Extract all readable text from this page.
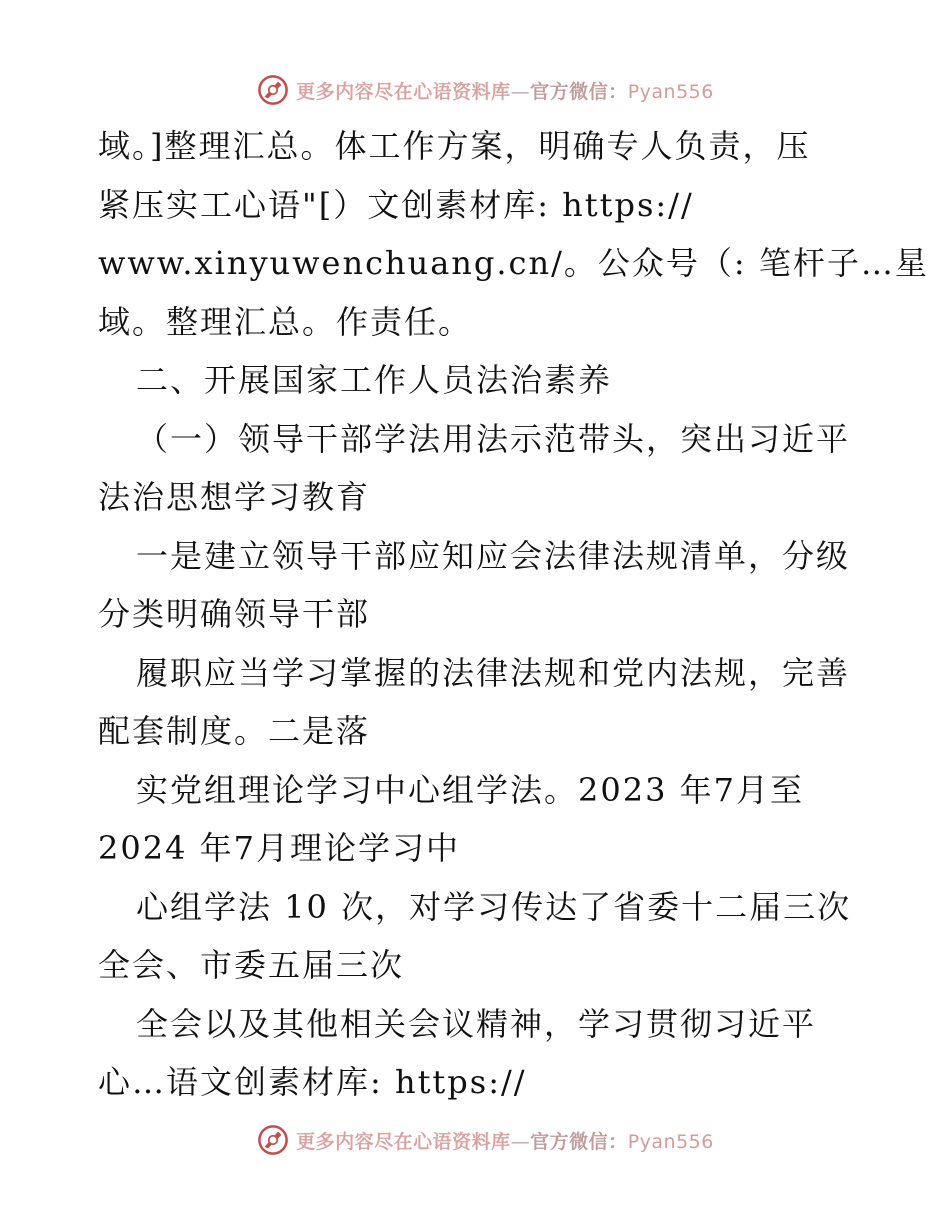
更多内容尽在心语资料库—官方微信：Pyan556
域。]整理汇总。体工作方案，明确专人负责，压
紧压实工心语"[）文创素材库: https://
www.xinyuwenchuang.cn/。公众号（: 笔杆子…星
域。整理汇总。作责任。
二、开展国家工作人员法治素养
（一）领导干部学法用法示范带头，突出习近平
法治思想学习教育
一是建立领导干部应知应会法律法规清单，分级
分类明确领导干部
履职应当学习掌握的法律法规和党内法规，完善
配套制度。二是落
实党组理论学习中心组学法。2023 年7月至
2024 年7月理论学习中
心组学法 10 次，对学习传达了省委十二届三次
全会、市委五届三次
全会以及其他相关会议精神，学习贯彻习近平
心…语文创素材库: https://
更多内容尽在心语资料库—官方微信：Pyan556
